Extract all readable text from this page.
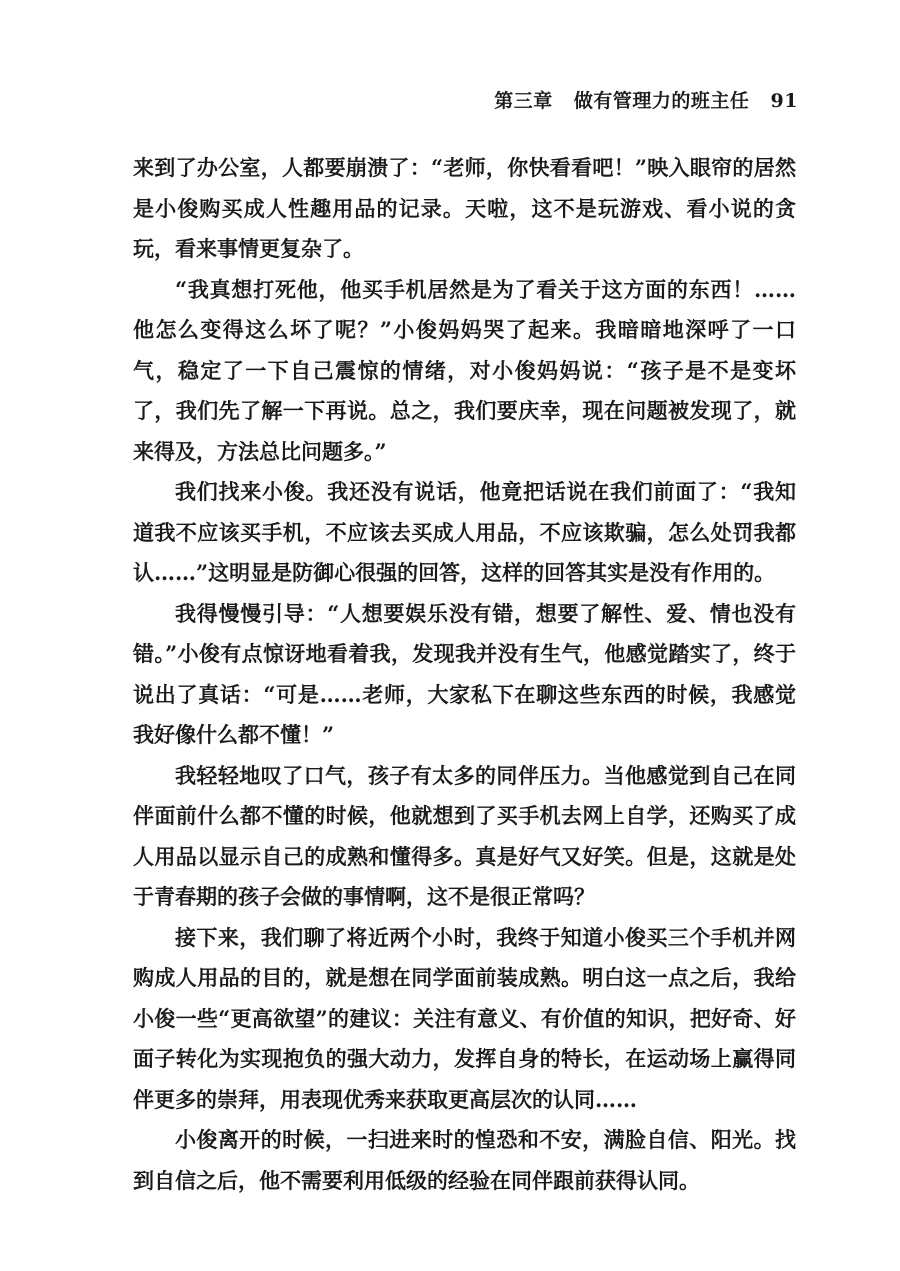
第三章 做有管理力的班主任 91

来到了办公室，人都要崩溃了：“老师，你快看看吧！”映入眼帘的居然是小俊购买成人性趣用品的记录。天啦，这不是玩游戏、看小说的贪玩，看来事情更复杂了。

“我真想打死他，他买手机居然是为了看关于这方面的东西！……他怎么变得这么坏了呢？”小俊妈妈哭了起来。我暗暗地深呼了一口气，稳定了一下自己震惊的情绪，对小俊妈妈说：“孩子是不是变坏了，我们先了解一下再说。总之，我们要庆幸，现在问题被发现了，就来得及，方法总比问题多。”

我们找来小俊。我还没有说话，他竟把话说在我们前面了：“我知道我不应该买手机，不应该去买成人用品，不应该欺骗，怎么处罚我都认……”这明显是防御心很强的回答，这样的回答其实是没有作用的。

我得慢慢引导：“人想要娱乐没有错，想要了解性、爱、情也没有错。”小俊有点惊讶地看着我，发现我并没有生气，他感觉踏实了，终于说出了真话：“可是……老师，大家私下在聊这些东西的时候，我感觉我好像什么都不懂！”

我轻轻地叹了口气，孩子有太多的同伴压力。当他感觉到自己在同伴面前什么都不懂的时候，他就想到了买手机去网上自学，还购买了成人用品以显示自己的成熟和懂得多。真是好气又好笑。但是，这就是处于青春期的孩子会做的事情啊，这不是很正常吗？

接下来，我们聊了将近两个小时，我终于知道小俊买三个手机并网购成人用品的目的，就是想在同学面前装成熟。明白这一点之后，我给小俊一些“更高欲望”的建议：关注有意义、有价值的知识，把好奇、好面子转化为实现抱负的强大动力，发挥自身的特长，在运动场上赢得同伴更多的崇拜，用表现优秀来获取更高层次的认同……

小俊离开的时候，一扫进来时的惶恐和不安，满脸自信、阳光。找到自信之后，他不需要利用低级的经验在同伴跟前获得认同。
